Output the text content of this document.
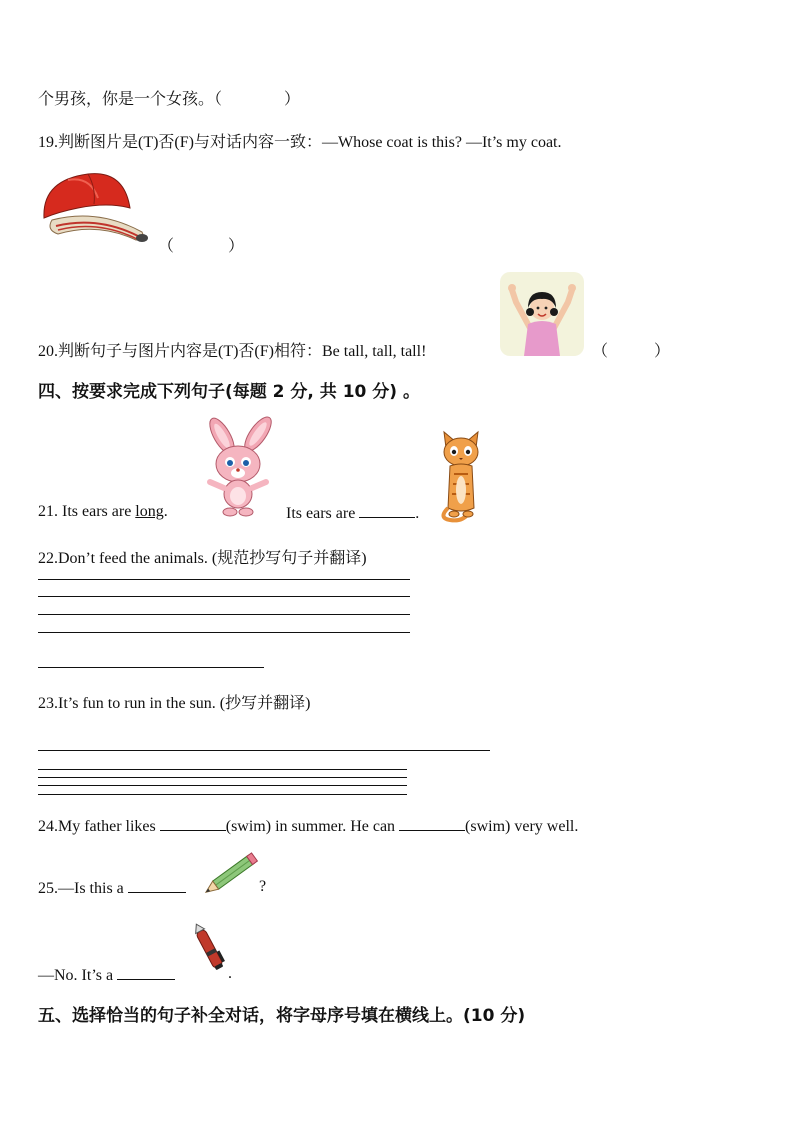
个男孩，你是一个女孩。（	）
19.判断图片是(T)否(F)与对话内容一致：—Whose coat is this? —It’s my coat.
（	）
20.判断句子与图片内容是(T)否(F)相符：Be tall, tall, tall!	（	）
四、按要求完成下列句子(每题 2 分, 共 10 分) 。
21. Its ears are long.	Its ears are	.
22.Don’t feed the animals. (规范抄写句子并翻译)
23.It’s fun to run in the sun. (抄写并翻译)
24.My father likes	(swim) in summer. He can	(swim) very well.
25.—Is this a	?
—No. It’s a	.
五、选择恰当的句子补全对话，将字母序号填在横线上。(10 分)
